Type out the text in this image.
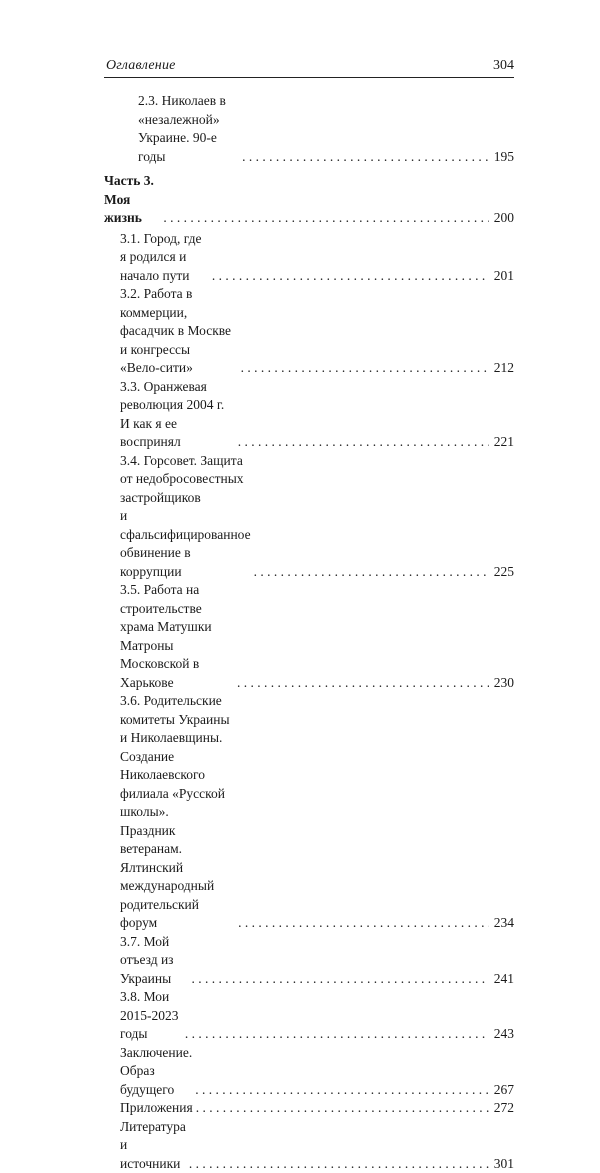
Оглавление	304
2.3. Николаев в «незалежной» Украине. 90-е годы . . .	195
Часть 3. Моя жизнь . . .	200
3.1. Город, где я родился и начало пути . . .	201
3.2. Работа в коммерции, фасадчик в Москве и конгрессы
«Вело-сити» . . .	212
3.3. Оранжевая революция 2004 г. И как я ее воспринял . . .	221
3.4. Горсовет. Защита от недобросовестных застройщиков
и сфальсифицированное обвинение в коррупции . . .	225
3.5. Работа на строительстве храма Матушки Матроны
Московской в Харькове . . .	230
3.6. Родительские комитеты Украины и Николаевщины.
Создание Николаевского филиала «Русской школы».
Праздник ветеранам. Ялтинский международный
родительский форум . . .	234
3.7. Мой отъезд из Украины . . .	241
3.8. Мои 2015-2023 годы . . .	243
Заключение. Образ будущего . . .	267
Приложения . . .	272
Литература и источники . . .	301
